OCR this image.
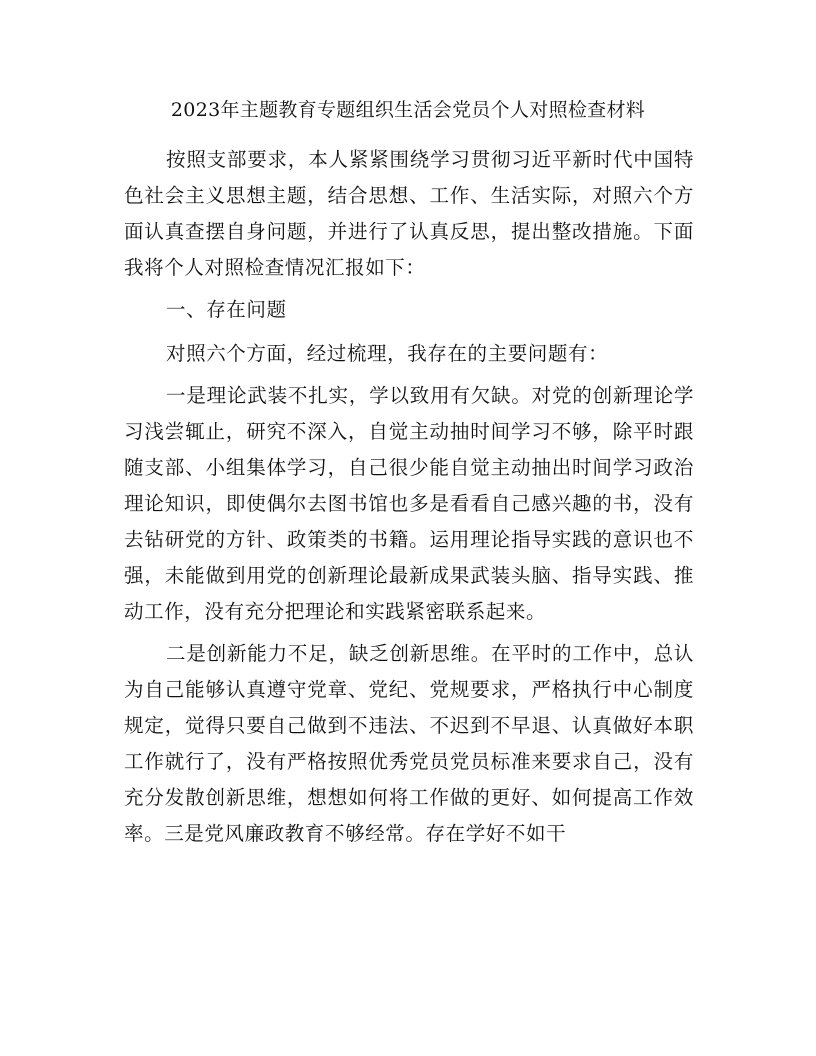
2023年主题教育专题组织生活会党员个人对照检查材料

按照支部要求，本人紧紧围绕学习贯彻习近平新时代中国特色社会主义思想主题，结合思想、工作、生活实际，对照六个方面认真查摆自身问题，并进行了认真反思，提出整改措施。下面我将个人对照检查情况汇报如下：

一、存在问题

对照六个方面，经过梳理，我存在的主要问题有：

一是理论武装不扎实，学以致用有欠缺。对党的创新理论学习浅尝辄止，研究不深入，自觉主动抽时间学习不够，除平时跟随支部、小组集体学习，自己很少能自觉主动抽出时间学习政治理论知识，即使偶尔去图书馆也多是看看自己感兴趣的书，没有去钻研党的方针、政策类的书籍。运用理论指导实践的意识也不强，未能做到用党的创新理论最新成果武装头脑、指导实践、推动工作，没有充分把理论和实践紧密联系起来。

二是创新能力不足，缺乏创新思维。在平时的工作中，总认为自己能够认真遵守党章、党纪、党规要求，严格执行中心制度规定，觉得只要自己做到不违法、不迟到不早退、认真做好本职工作就行了，没有严格按照优秀党员党员标准来要求自己，没有充分发散创新思维，想想如何将工作做的更好、如何提高工作效率。三是党风廉政教育不够经常。存在学好不如干
